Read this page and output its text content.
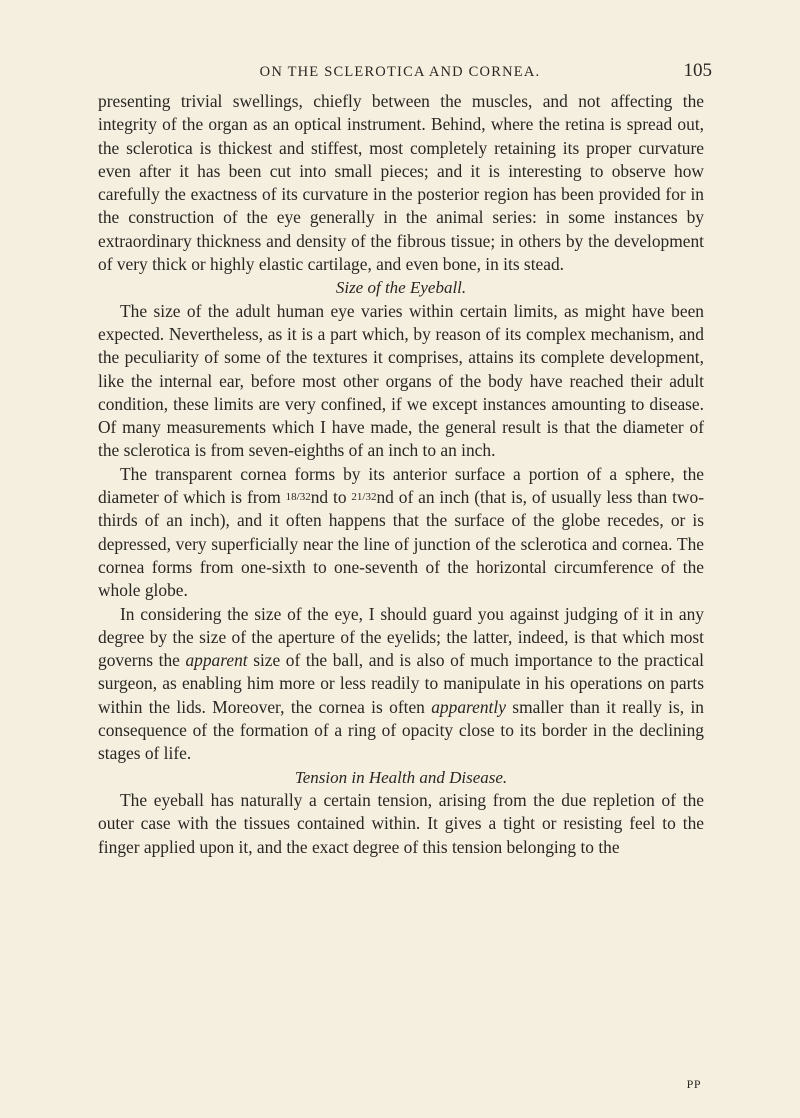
ON THE SCLEROTICA AND CORNEA.	105

presenting trivial swellings, chiefly between the muscles, and not affecting the integrity of the organ as an optical instrument. Behind, where the retina is spread out, the sclerotica is thickest and stiffest, most completely retaining its proper curvature even after it has been cut into small pieces; and it is interesting to observe how carefully the exactness of its curvature in the posterior region has been provided for in the construction of the eye generally in the animal series: in some instances by extraordinary thickness and density of the fibrous tissue; in others by the development of very thick or highly elastic cartilage, and even bone, in its stead.

Size of the Eyeball.

The size of the adult human eye varies within certain limits, as might have been expected. Nevertheless, as it is a part which, by reason of its complex mechanism, and the peculiarity of some of the textures it comprises, attains its complete development, like the internal ear, before most other organs of the body have reached their adult condition, these limits are very confined, if we except instances amounting to disease. Of many measurements which I have made, the general result is that the diameter of the sclerotica is from seven-eighths of an inch to an inch.

The transparent cornea forms by its anterior surface a portion of a sphere, the diameter of which is from 18/32nd to 21/32nd of an inch (that is, of usually less than two-thirds of an inch), and it often happens that the surface of the globe recedes, or is depressed, very superficially near the line of junction of the sclerotica and cornea. The cornea forms from one-sixth to one-seventh of the horizontal circumference of the whole globe.

In considering the size of the eye, I should guard you against judging of it in any degree by the size of the aperture of the eyelids; the latter, indeed, is that which most governs the apparent size of the ball, and is also of much importance to the practical surgeon, as enabling him more or less readily to manipulate in his operations on parts within the lids. Moreover, the cornea is often apparently smaller than it really is, in consequence of the formation of a ring of opacity close to its border in the declining stages of life.

Tension in Health and Disease.

The eyeball has naturally a certain tension, arising from the due repletion of the outer case with the tissues contained within. It gives a tight or resisting feel to the finger applied upon it, and the exact degree of this tension belonging to the

PP
